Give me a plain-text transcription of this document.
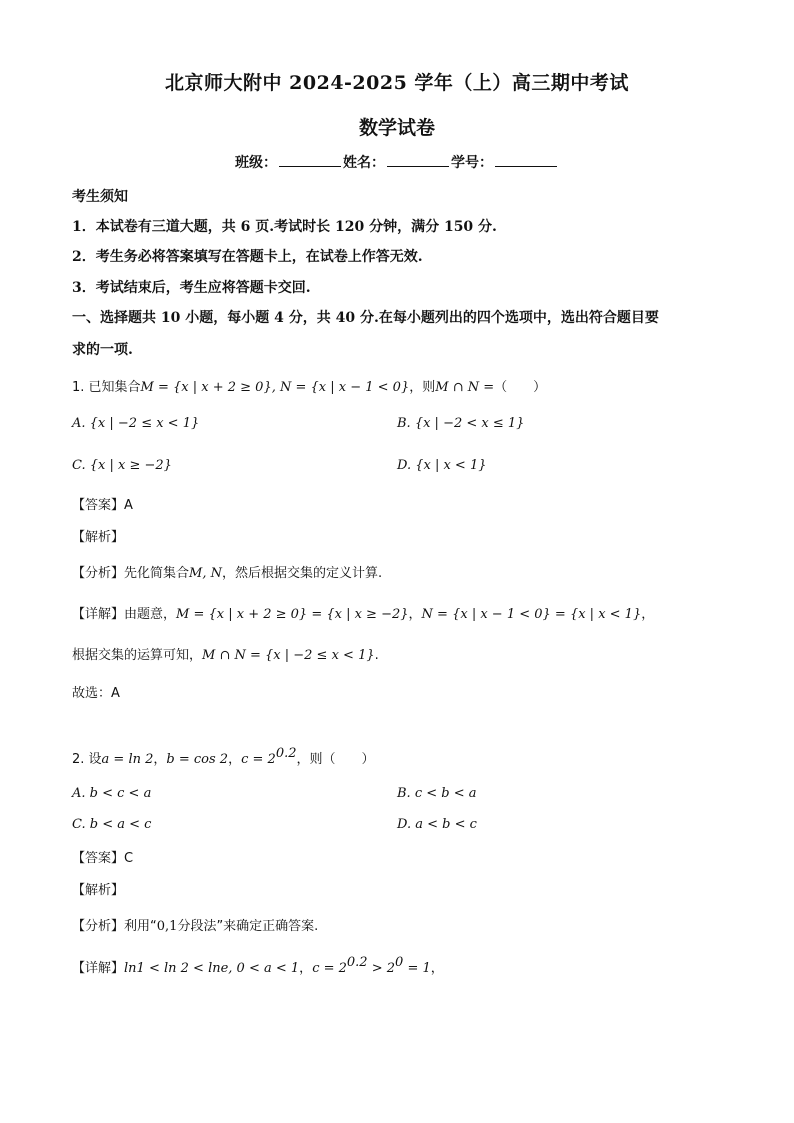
北京师大附中 2024-2025 学年（上）高三期中考试
数学试卷
班级：	姓名：	学号：
考生须知
1．本试卷有三道大题，共 6 页.考试时长 120 分钟，满分 150 分.
2．考生务必将答案填写在答题卡上，在试卷上作答无效.
3．考试结束后，考生应将答题卡交回.
一、选择题共 10 小题，每小题 4 分，共 40 分.在每小题列出的四个选项中，选出符合题目要
求的一项.
1. 已知集合M = {x | x + 2 ≥ 0}, N = {x | x − 1 < 0}，则M ∩ N =（　　）
A. {x | −2 ≤ x < 1}	B. {x | −2 < x ≤ 1}
C. {x | x ≥ −2}	D. {x | x < 1}
【答案】A
【解析】
【分析】先化简集合M, N，然后根据交集的定义计算.
【详解】由题意，M = {x | x + 2 ≥ 0} = {x | x ≥ −2}，N = {x | x − 1 < 0} = {x | x < 1}，
根据交集的运算可知，M ∩ N = {x | −2 ≤ x < 1}.
故选：A
2. 设a = ln 2，b = cos 2，$c = 2^{0.2}$，则（　　）
A. b < c < a	B. c < b < a
C. b < a < c	D. a < b < c
【答案】C
【解析】
【分析】利用“0,1分段法”来确定正确答案.
【详解】ln1 < ln 2 < lne, 0 < a < 1，$c = 2^{0.2} > 2^0 = 1$，
